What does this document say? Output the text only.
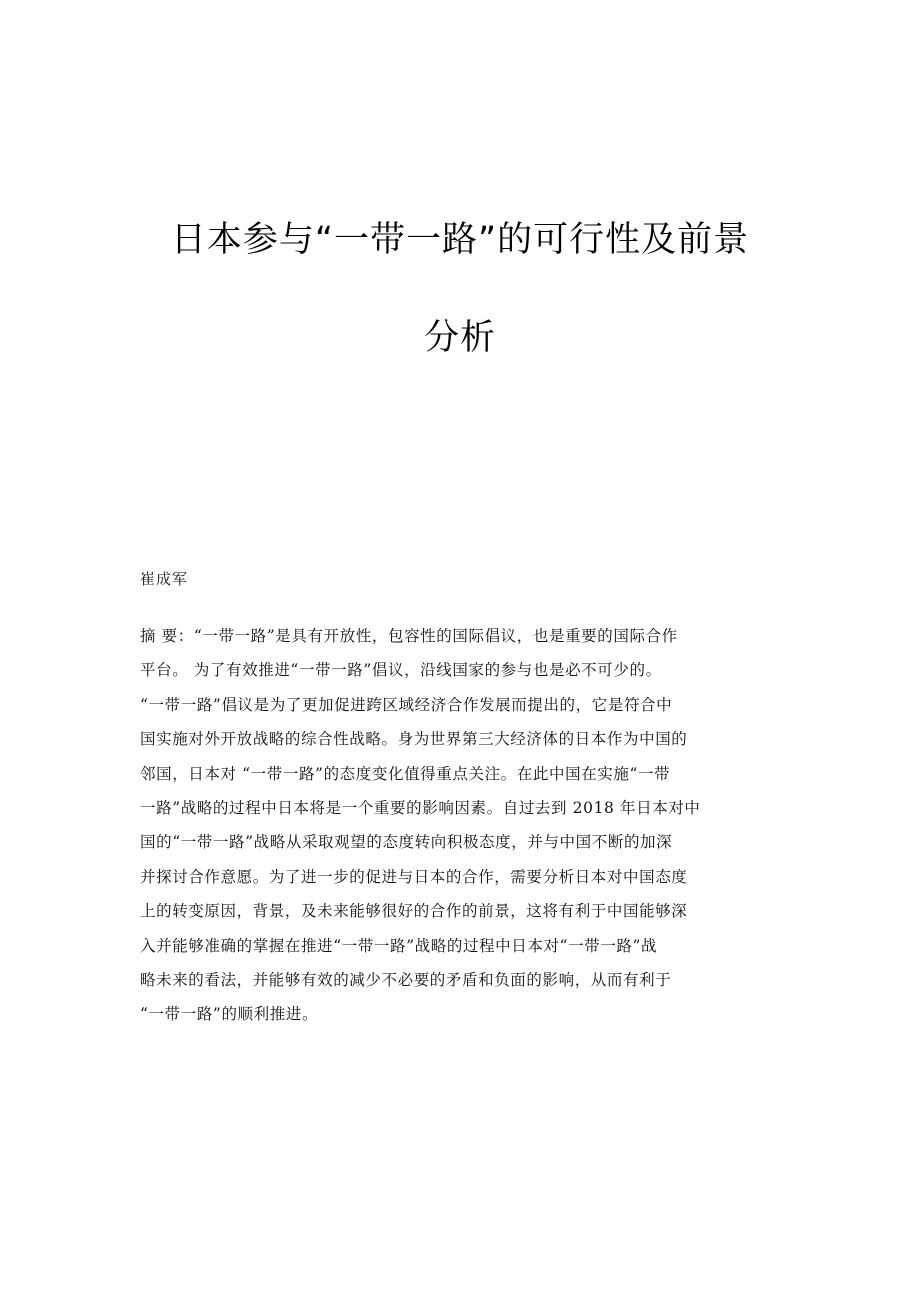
日本参与“一带一路”的可行性及前景
分析
崔成军
摘 要：“一带一路”是具有开放性，包容性的国际倡议，也是重要的国际合作
平台。 为了有效推进“一带一路”倡议，沿线国家的参与也是必不可少的。
“一带一路”倡议是为了更加促进跨区域经济合作发展而提出的，它是符合中
国实施对外开放战略的综合性战略。身为世界第三大经济体的日本作为中国的
邻国，日本对 “一带一路”的态度变化值得重点关注。在此中国在实施“一带
一路”战略的过程中日本将是一个重要的影响因素。自过去到 2018 年日本对中
国的“一带一路”战略从采取观望的态度转向积极态度，并与中国不断的加深
并探讨合作意愿。为了进一步的促进与日本的合作，需要分析日本对中国态度
上的转变原因，背景，及未来能够很好的合作的前景，这将有利于中国能够深
入并能够准确的掌握在推进“一带一路”战略的过程中日本对“一带一路”战
略未来的看法，并能够有效的减少不必要的矛盾和负面的影响，从而有利于
“一带一路”的顺利推进。
